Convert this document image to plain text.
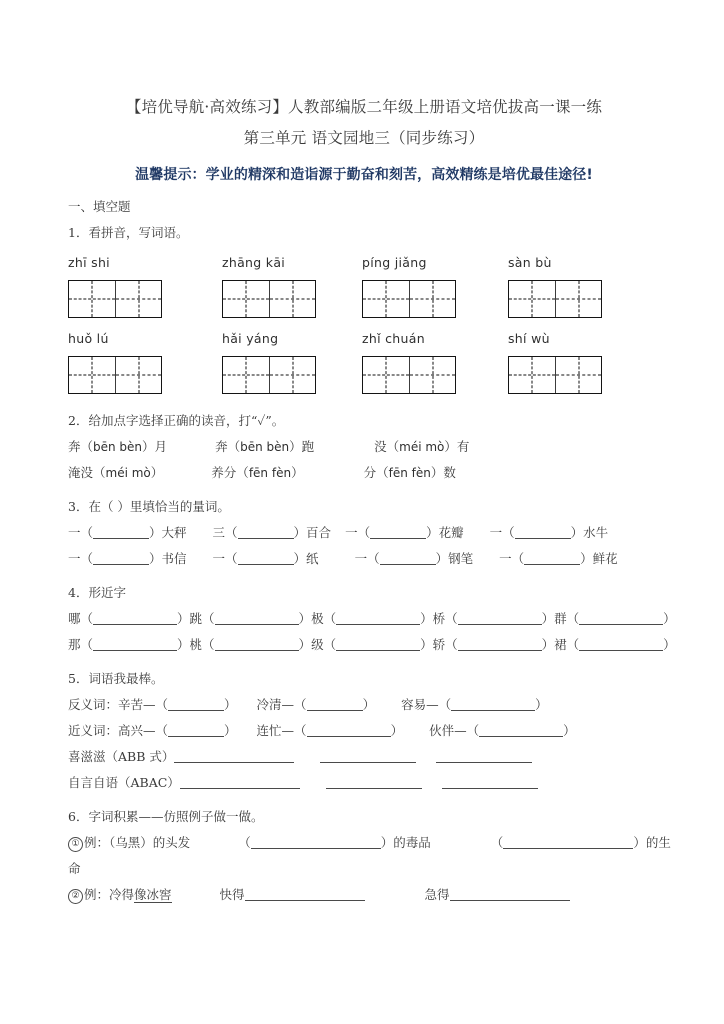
【培优导航·高效练习】人教部编版二年级上册语文培优拔高一课一练
第三单元 语文园地三（同步练习）
温馨提示：学业的精深和造诣源于勤奋和刻苦，高效精练是培优最佳途径!
一、填空题
1．看拼音，写词语。
zhī shi	zhāng kāi	píng jiǎng	sàn bù
huǒ lú	hǎi yáng	zhǐ chuán	shí wù
2．给加点字选择正确的读音，打“✓”。
奔（bēn bèn）月	奔（bēn bèn）跑	没（méi mò）有
淹没（méi mò）	养分（fēn fèn）	分（fēn fèn）数
3．在（ ）里填恰当的量词。
一（	）大秤 三（	）百合 一（	）花瓣 一（	）水牛
一（	）书信 一（	）纸	一（	）钢笔 一（	）鲜花
4．形近字
哪（	）跳（	）极（	）桥（	）群（	）
那（	）桃（	）级（	）轿（	）裙（	）
5．词语我最棒。
反义词：辛苦—（	） 冷清—（	） 容易—（	）
近义词：高兴—（	） 连忙—（	） 伙伴—（	）
喜滋滋（ABB 式）
自言自语（ABAC）
6．字词积累——仿照例子做一做。
① 例：（乌黑）的头发	（	）的毒品	（	）的生
命
② 例：冷得像冰窖	快得	急得
